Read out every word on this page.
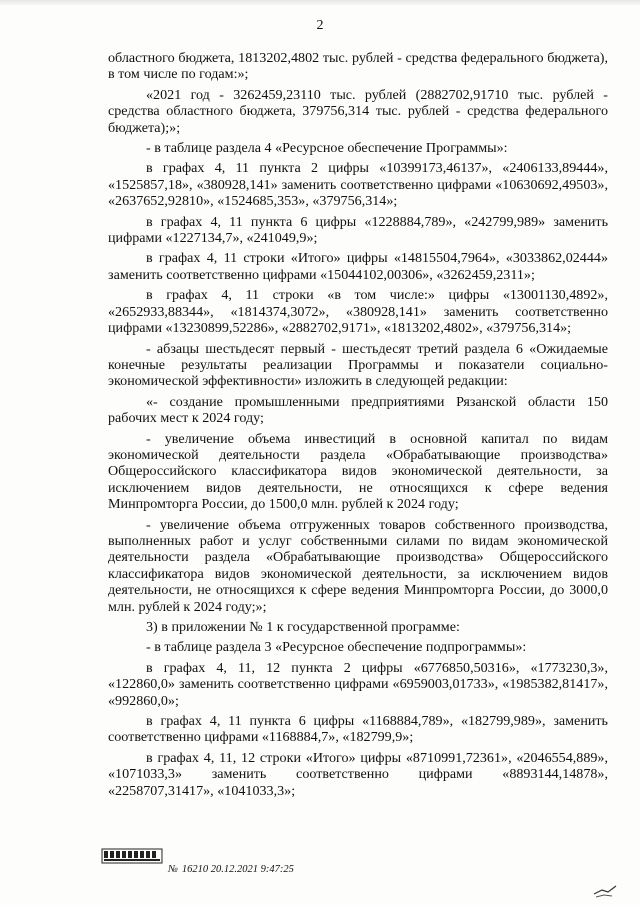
2

областного бюджета, 1813202,4802 тыс. рублей - средства федерального бюджета), в том числе по годам:»;

«2021 год - 3262459,23110 тыс. рублей (2882702,91710 тыс. рублей - средства областного бюджета, 379756,314 тыс. рублей - средства федерального бюджета);»;

- в таблице раздела 4 «Ресурсное обеспечение Программы»:

в графах 4, 11 пункта 2 цифры «10399173,46137», «2406133,89444», «1525857,18», «380928,141» заменить соответственно цифрами «10630692,49503», «2637652,92810», «1524685,353», «379756,314»;

в графах 4, 11 пункта 6 цифры «1228884,789», «242799,989» заменить цифрами «1227134,7», «241049,9»;

в графах 4, 11 строки «Итого» цифры «14815504,7964», «3033862,02444» заменить соответственно цифрами «15044102,00306», «3262459,2311»;

в графах 4, 11 строки «в том числе:» цифры «13001130,4892», «2652933,88344», «1814374,3072», «380928,141» заменить соответственно цифрами «13230899,52286», «2882702,9171», «1813202,4802», «379756,314»;

- абзацы шестьдесят первый - шестьдесят третий раздела 6 «Ожидаемые конечные результаты реализации Программы и показатели социально-экономической эффективности» изложить в следующей редакции:

«- создание промышленными предприятиями Рязанской области 150 рабочих мест к 2024 году;

- увеличение объема инвестиций в основной капитал по видам экономической деятельности раздела «Обрабатывающие производства» Общероссийского классификатора видов экономической деятельности, за исключением видов деятельности, не относящихся к сфере ведения Минпромторга России, до 1500,0 млн. рублей к 2024 году;

- увеличение объема отгруженных товаров собственного производства, выполненных работ и услуг собственными силами по видам экономической деятельности раздела «Обрабатывающие производства» Общероссийского классификатора видов экономической деятельности, за исключением видов деятельности, не относящихся к сфере ведения Минпромторга России, до 3000,0 млн. рублей к 2024 году;»;

3) в приложении № 1 к государственной программе:

- в таблице раздела 3 «Ресурсное обеспечение подпрограммы»:

в графах 4, 11, 12 пункта 2 цифры «6776850,50316», «1773230,3», «122860,0» заменить соответственно цифрами «6959003,01733», «1985382,81417», «992860,0»;

в графах 4, 11 пункта 6 цифры «1168884,789», «182799,989», заменить соответственно цифрами «1168884,7», «182799,9»;

в графах 4, 11, 12 строки «Итого» цифры «8710991,72361», «2046554,889», «1071033,3» заменить соответственно цифрами «8893144,14878», «2258707,31417», «1041033,3»;

№ 16210 20.12.2021 9:47:25
